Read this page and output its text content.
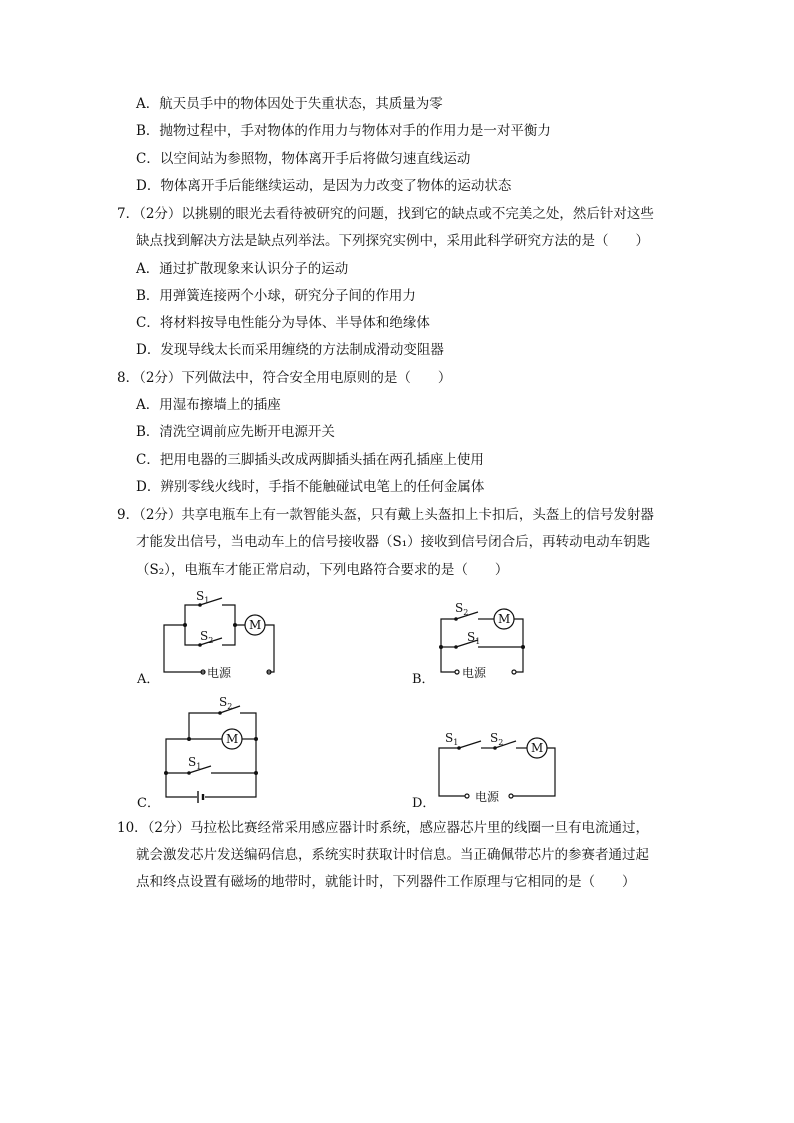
A．航天员手中的物体因处于失重状态，其质量为零
B．抛物过程中，手对物体的作用力与物体对手的作用力是一对平衡力
C．以空间站为参照物，物体离开手后将做匀速直线运动
D．物体离开手后能继续运动，是因为力改变了物体的运动状态
7．（2分）以挑剔的眼光去看待被研究的问题，找到它的缺点或不完美之处，然后针对这些
缺点找到解决方法是缺点列举法。下列探究实例中，采用此科学研究方法的是（　　）
A．通过扩散现象来认识分子的运动
B．用弹簧连接两个小球，研究分子间的作用力
C．将材料按导电性能分为导体、半导体和绝缘体
D．发现导线太长而采用缠绕的方法制成滑动变阻器
8．（2分）下列做法中，符合安全用电原则的是（　　）
A．用湿布擦墙上的插座
B．清洗空调前应先断开电源开关
C．把用电器的三脚插头改成两脚插头插在两孔插座上使用
D．辨别零线火线时，手指不能触碰试电笔上的任何金属体
9．（2分）共享电瓶车上有一款智能头盔，只有戴上头盔扣上卡扣后，头盔上的信号发射器
才能发出信号，当电动车上的信号接收器（S₁）接收到信号闭合后，再转动电动车钥匙
（S₂），电瓶车才能正常启动，下列电路符合要求的是（　　）
$S_1$
$S_2$
M
电源
A．
$S_2$
$S_1$
M
电源
B．
$S_2$
$S_1$
M
C．
$S_1$	$S_2$ M
电源
D．
10．（2分）马拉松比赛经常采用感应器计时系统，感应器芯片里的线圈一旦有电流通过，
就会激发芯片发送编码信息，系统实时获取计时信息。当正确佩带芯片的参赛者通过起
点和终点设置有磁场的地带时，就能计时，下列器件工作原理与它相同的是（　　）
